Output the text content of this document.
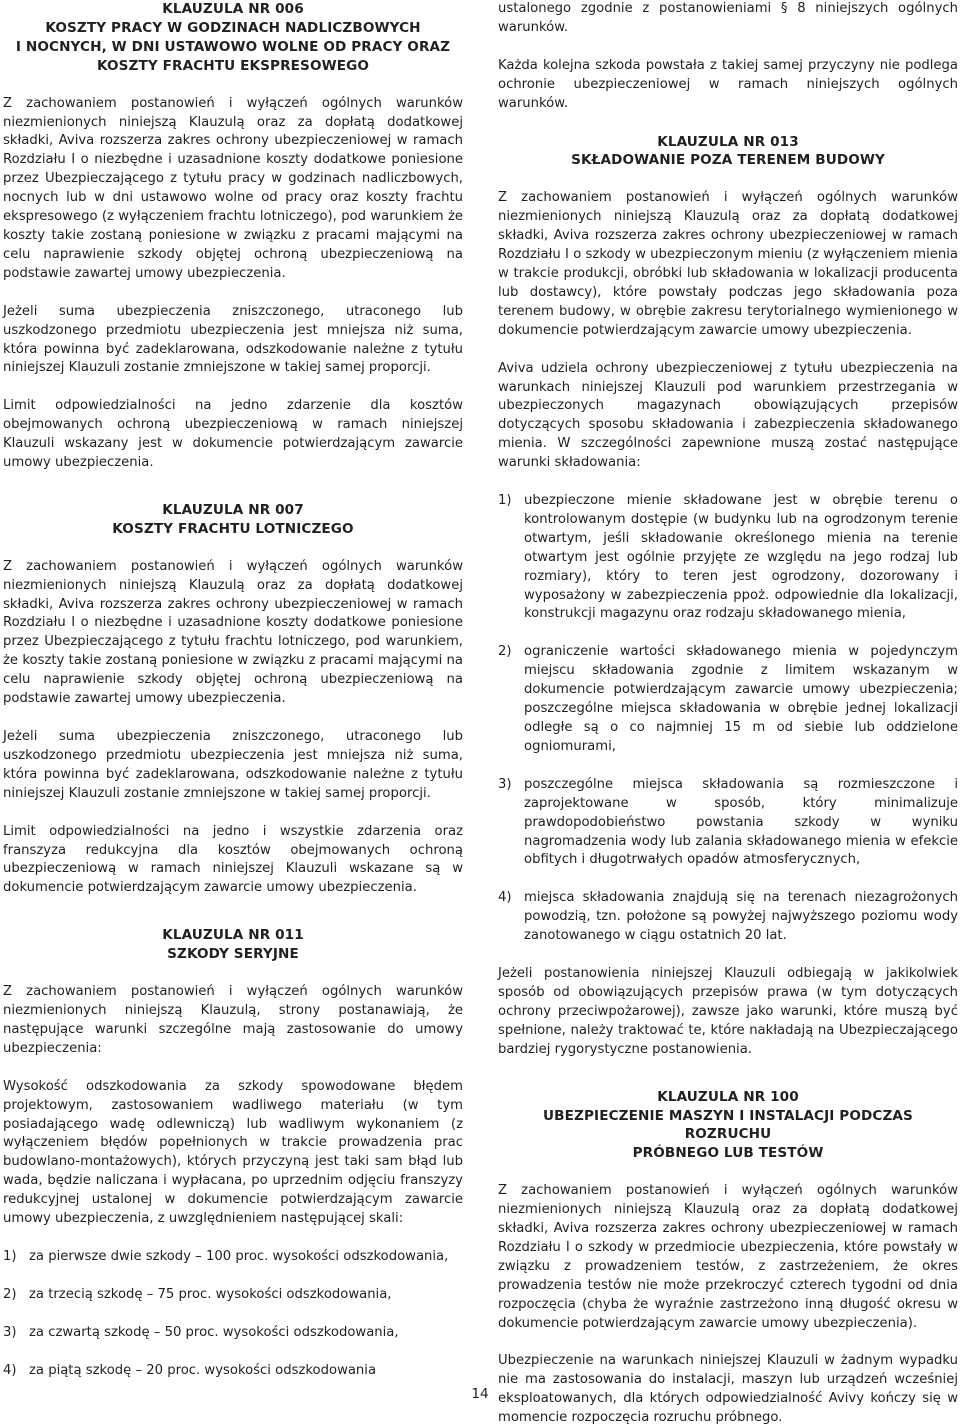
KLAUZULA NR 006
KOSZTY PRACY W GODZINACH NADLICZBOWYCH
I NOCNYCH, W DNI USTAWOWO WOLNE OD PRACY ORAZ
KOSZTY FRACHTU EKSPRESOWEGO

Z zachowaniem postanowień i wyłączeń ogólnych warunków niezmienionych niniejszą Klauzulą oraz za dopłatą dodatkowej składki, Aviva rozszerza zakres ochrony ubezpieczeniowej w ramach Rozdziału I o niezbędne i uzasadnione koszty dodatkowe poniesione przez Ubezpieczającego z tytułu pracy w godzinach nadliczbowych, nocnych lub w dni ustawowo wolne od pracy oraz koszty frachtu ekspresowego (z wyłączeniem frachtu lotniczego), pod warunkiem że koszty takie zostaną poniesione w związku z pracami mającymi na celu naprawienie szkody objętej ochroną ubezpieczeniową na podstawie zawartej umowy ubezpieczenia.

Jeżeli suma ubezpieczenia zniszczonego, utraconego lub uszkodzonego przedmiotu ubezpieczenia jest mniejsza niż suma, która powinna być zadeklarowana, odszkodowanie należne z tytułu niniejszej Klauzuli zostanie zmniejszone w takiej samej proporcji.

Limit odpowiedzialności na jedno zdarzenie dla kosztów obejmowanych ochroną ubezpieczeniową w ramach niniejszej Klauzuli wskazany jest w dokumencie potwierdzającym zawarcie umowy ubezpieczenia.

KLAUZULA NR 007
KOSZTY FRACHTU LOTNICZEGO

Z zachowaniem postanowień i wyłączeń ogólnych warunków niezmienionych niniejszą Klauzulą oraz za dopłatą dodatkowej składki, Aviva rozszerza zakres ochrony ubezpieczeniowej w ramach Rozdziału I o niezbędne i uzasadnione koszty dodatkowe poniesione przez Ubezpieczającego z tytułu frachtu lotniczego, pod warunkiem, że koszty takie zostaną poniesione w związku z pracami mającymi na celu naprawienie szkody objętej ochroną ubezpieczeniową na podstawie zawartej umowy ubezpieczenia.

Jeżeli suma ubezpieczenia zniszczonego, utraconego lub uszkodzonego przedmiotu ubezpieczenia jest mniejsza niż suma, która powinna być zadeklarowana, odszkodowanie należne z tytułu niniejszej Klauzuli zostanie zmniejszone w takiej samej proporcji.

Limit odpowiedzialności na jedno i wszystkie zdarzenia oraz franszyza redukcyjna dla kosztów obejmowanych ochroną ubezpieczeniową w ramach niniejszej Klauzuli wskazane są w dokumencie potwierdzającym zawarcie umowy ubezpieczenia.

KLAUZULA NR 011
SZKODY SERYJNE

Z zachowaniem postanowień i wyłączeń ogólnych warunków niezmienionych niniejszą Klauzulą, strony postanawiają, że następujące warunki szczególne mają zastosowanie do umowy ubezpieczenia:

Wysokość odszkodowania za szkody spowodowane błędem projektowym, zastosowaniem wadliwego materiału (w tym posiadającego wadę odlewniczą) lub wadliwym wykonaniem (z wyłączeniem błędów popełnionych w trakcie prowadzenia prac budowlano-montażowych), których przyczyną jest taki sam błąd lub wada, będzie naliczana i wypłacana, po uprzednim odjęciu franszyzy redukcyjnej ustalonej w dokumencie potwierdzającym zawarcie umowy ubezpieczenia, z uwzględnieniem następującej skali:

1) za pierwsze dwie szkody – 100 proc. wysokości odszkodowania,
2) za trzecią szkodę – 75 proc. wysokości odszkodowania,
3) za czwartą szkodę – 50 proc. wysokości odszkodowania,
4) za piątą szkodę – 20 proc. wysokości odszkodowania

ustalonego zgodnie z postanowieniami § 8 niniejszych ogólnych warunków.

Każda kolejna szkoda powstała z takiej samej przyczyny nie podlega ochronie ubezpieczeniowej w ramach niniejszych ogólnych warunków.

KLAUZULA NR 013
SKŁADOWANIE POZA TERENEM BUDOWY

Z zachowaniem postanowień i wyłączeń ogólnych warunków niezmienionych niniejszą Klauzulą oraz za dopłatą dodatkowej składki, Aviva rozszerza zakres ochrony ubezpieczeniowej w ramach Rozdziału I o szkody w ubezpieczonym mieniu (z wyłączeniem mienia w trakcie produkcji, obróbki lub składowania w lokalizacji producenta lub dostawcy), które powstały podczas jego składowania poza terenem budowy, w obrębie zakresu terytorialnego wymienionego w dokumencie potwierdzającym zawarcie umowy ubezpieczenia.

Aviva udziela ochrony ubezpieczeniowej z tytułu ubezpieczenia na warunkach niniejszej Klauzuli pod warunkiem przestrzegania w ubezpieczonych magazynach obowiązujących przepisów dotyczących sposobu składowania i zabezpieczenia składowanego mienia. W szczególności zapewnione muszą zostać następujące warunki składowania:

1) ubezpieczone mienie składowane jest w obrębie terenu o kontrolowanym dostępie (w budynku lub na ogrodzonym terenie otwartym, jeśli składowanie określonego mienia na terenie otwartym jest ogólnie przyjęte ze względu na jego rodzaj lub rozmiary), który to teren jest ogrodzony, dozorowany i wyposażony w zabezpieczenia ppoż. odpowiednie dla lokalizacji, konstrukcji magazynu oraz rodzaju składowanego mienia,
2) ograniczenie wartości składowanego mienia w pojedynczym miejscu składowania zgodnie z limitem wskazanym w dokumencie potwierdzającym zawarcie umowy ubezpieczenia; poszczególne miejsca składowania w obrębie jednej lokalizacji odległe są o co najmniej 15 m od siebie lub oddzielone ogniomurami,
3) poszczególne miejsca składowania są rozmieszczone i zaprojektowane w sposób, który minimalizuje prawdopodobieństwo powstania szkody w wyniku nagromadzenia wody lub zalania składowanego mienia w efekcie obfitych i długotrwałych opadów atmosferycznych,
4) miejsca składowania znajdują się na terenach niezagrożonych powodzią, tzn. położone są powyżej najwyższego poziomu wody zanotowanego w ciągu ostatnich 20 lat.

Jeżeli postanowienia niniejszej Klauzuli odbiegają w jakikolwiek sposób od obowiązujących przepisów prawa (w tym dotyczących ochrony przeciwpożarowej), zawsze jako warunki, które muszą być spełnione, należy traktować te, które nakładają na Ubezpieczającego bardziej rygorystyczne postanowienia.

KLAUZULA NR 100
UBEZPIECZENIE MASZYN I INSTALACJI PODCZAS ROZRUCHU
PRÓBNEGO LUB TESTÓW

Z zachowaniem postanowień i wyłączeń ogólnych warunków niezmienionych niniejszą Klauzulą oraz za dopłatą dodatkowej składki, Aviva rozszerza zakres ochrony ubezpieczeniowej w ramach Rozdziału I o szkody w przedmiocie ubezpieczenia, które powstały w związku z prowadzeniem testów, z zastrzeżeniem, że okres prowadzenia testów nie może przekroczyć czterech tygodni od dnia rozpoczęcia (chyba że wyraźnie zastrzeżono inną długość okresu w dokumencie potwierdzającym zawarcie umowy ubezpieczenia).

Ubezpieczenie na warunkach niniejszej Klauzuli w żadnym wypadku nie ma zastosowania do instalacji, maszyn lub urządzeń wcześniej eksploatowanych, dla których odpowiedzialność Avivy kończy się w momencie rozpoczęcia rozruchu próbnego.

14
